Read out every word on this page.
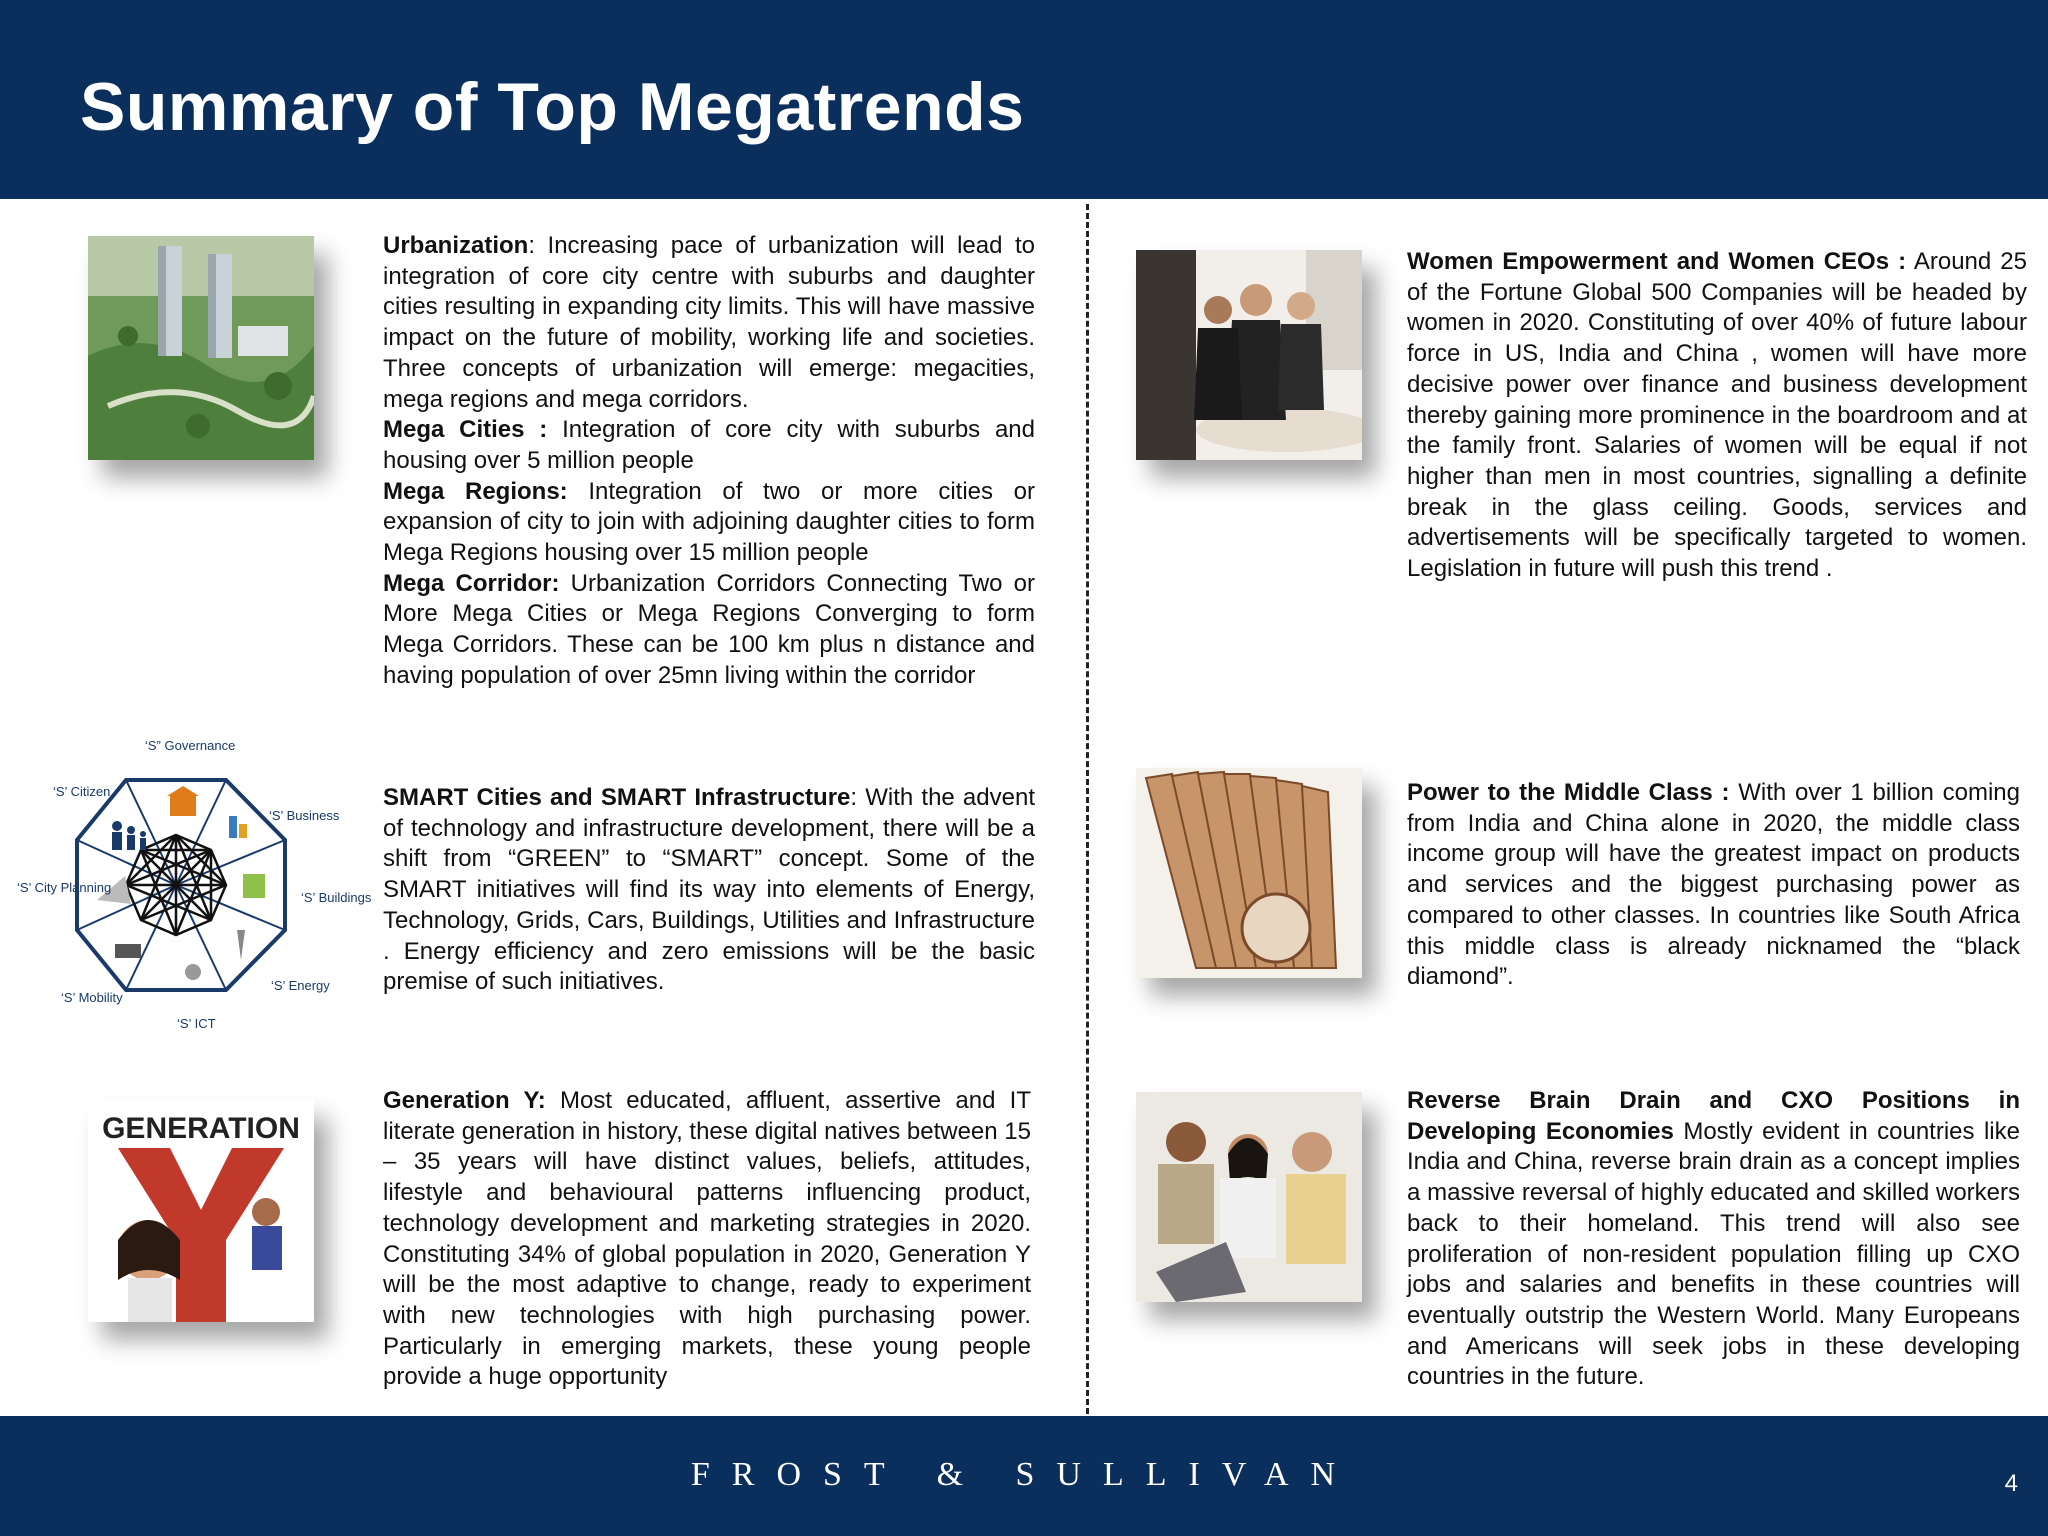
Summary of Top Megatrends
Urbanization: Increasing pace of urbanization will lead to integration of core city centre with suburbs and daughter cities resulting in expanding city limits. This will have massive impact on the future of mobility, working life and societies. Three concepts of urbanization will emerge: megacities, mega regions and mega corridors.
Mega Cities : Integration of core city with suburbs and housing over 5 million people
Mega Regions: Integration of two or more cities or expansion of city to join with adjoining daughter cities to form Mega Regions housing over 15 million people
Mega Corridor: Urbanization Corridors Connecting Two or More Mega Cities or Mega Regions Converging to form Mega Corridors. These can be 100 km plus n distance and having population of over 25mn living within the corridor
‘S” Governance
‘S’ Business
‘S’ Buildings
‘S’ Energy
‘S’ ICT
‘S’ Mobility
‘S’ City Planning
‘S’ Citizen	SMART Cities and SMART Infrastructure: With the advent of technology and infrastructure development, there will be a shift from “GREEN” to “SMART” concept. Some of the SMART initiatives will find its way into elements of Energy, Technology, Grids, Cars, Buildings, Utilities and Infrastructure . Energy efficiency and zero emissions will be the basic premise of such initiatives.
GENERATION
Generation Y: Most educated, affluent, assertive and IT literate generation in history, these digital natives between 15 – 35 years will have distinct values, beliefs, attitudes, lifestyle and behavioural patterns influencing product, technology development and marketing strategies in 2020. Constituting 34% of global population in 2020, Generation Y will be the most adaptive to change, ready to experiment with new technologies with high purchasing power. Particularly in emerging markets, these young people provide a huge opportunity
Women Empowerment and Women CEOs : Around 25 of the Fortune Global 500 Companies will be headed by women in 2020. Constituting of over 40% of future labour force in US, India and China , women will have more decisive power over finance and business development thereby gaining more prominence in the boardroom and at the family front. Salaries of women will be equal if not higher than men in most countries, signalling a definite break in the glass ceiling. Goods, services and advertisements will be specifically targeted to women. Legislation in future will push this trend .
Power to the Middle Class : With over 1 billion coming from India and China alone in 2020, the middle class income group will have the greatest impact on products and services and the biggest purchasing power as compared to other classes. In countries like South Africa this middle class is already nicknamed the “black diamond”.
Reverse Brain Drain and CXO Positions in Developing Economies Mostly evident in countries like India and China, reverse brain drain as a concept implies a massive reversal of highly educated and skilled workers back to their homeland. This trend will also see proliferation of non-resident population filling up CXO jobs and salaries and benefits in these countries will eventually outstrip the Western World. Many Europeans and Americans will seek jobs in these developing countries in the future.
FROST & SULLIVAN	4
